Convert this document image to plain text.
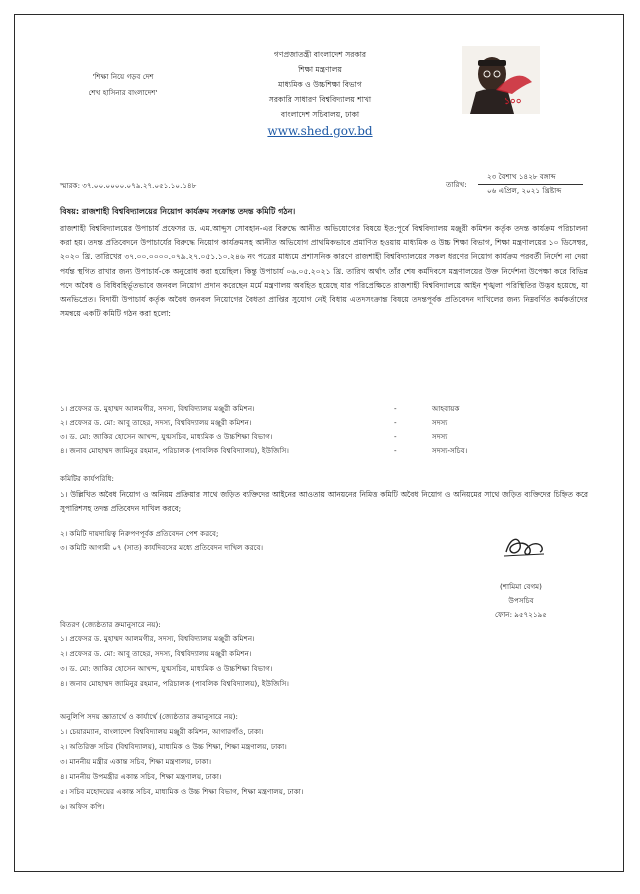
'শিক্ষা নিয়ে গড়ব দেশ
শেখ হাসিনার বাংলাদেশ'
গণপ্রজাতন্ত্রী বাংলাদেশ সরকার
শিক্ষা মন্ত্রণালয়
মাধ্যমিক ও উচ্চশিক্ষা বিভাগ
সরকারি সাধারণ বিশ্ববিদ্যালয় শাখা
বাংলাদেশ সচিবালয়, ঢাকা
www.shed.gov.bd
১০০
২৩ বৈশাখ ১৪২৮ বঙ্গাব্দ
তারিখ:
০৬ এপ্রিল, ২০২১ খ্রিষ্টাব্দ
স্মারক: ৩৭.০০.০০০০.০৭৯.২৭.০৫১.১০.১৪৮
বিষয়: রাজশাহী বিশ্ববিদ্যালয়ের নিয়োগ কার্যক্রম সংক্রান্ত তদন্ত কমিটি গঠন।
রাজশাহী বিশ্ববিদ্যালয়ের উপাচার্য প্রফেসর ড. এম.আব্দুস সোবহান-এর বিরুদ্ধে আনীত অভিযোগের বিষয়ে ইত:পূর্বে বিশ্ববিদ্যালয় মঞ্জুরী কমিশন কর্তৃক তদন্ত কার্যক্রম পরিচালনা করা হয়। তদন্ত প্রতিবেদনে উপাচার্যের বিরুদ্ধে নিয়োগ কার্যক্রমসহ আনীত অভিযোগ প্রাথমিকভাবে প্রমাণিত হওয়ায় মাধ্যমিক ও উচ্চ শিক্ষা বিভাগ, শিক্ষা মন্ত্রণালয়ের ১০ ডিসেম্বর, ২০২০ খ্রি. তারিখের ৩৭.০০.০০০০.০৭৯.২৭.০৫১.১০.২৪৬ নং পত্রের মাধ্যমে প্রশাসনিক কারণে রাজশাহী বিশ্ববিদ্যালয়ের সকল ধরণের নিয়োগ কার্যক্রম পরবর্তী নির্দেশ না দেয়া পর্যন্ত স্থগিত রাখার জন্য উপাচার্য-কে অনুরোধ করা হয়েছিল। কিন্তু উপাচার্য ০৬.০৫.২০২১ খ্রি. তারিখ অর্থাৎ তাঁর শেষ কর্মদিবসে মন্ত্রণালয়ের উক্ত নির্দেশনা উপেক্ষা করে বিভিন্ন পদে অবৈধ ও বিধিবহির্ভূতভাবে জনবল নিয়োগ প্রদান করেছেন মর্মে মন্ত্রণালয় অবহিত হয়েছে যার পরিপ্রেক্ষিতে রাজশাহী বিশ্ববিদ্যালয়ে আইন শৃঙ্খলা পরিস্থিতির উদ্ভব হয়েছে, যা অনভিপ্রেত। বিদায়ী উপাচার্য কর্তৃক অবৈধ জনবল নিয়োগের বৈধতা প্রাপ্তির সুযোগ নেই বিধায় এতদসংক্রান্ত বিষয়ে তদন্তপূর্বক প্রতিবেদন দাখিলের জন্য নিম্নবর্ণিত কর্মকর্তাদের সমন্বয়ে একটি কমিটি গঠন করা হলো:
১। প্রফেসর ড. মুহাম্মদ আলমগীর, সদস্য, বিশ্ববিদ্যালয় মঞ্জুরী কমিশন।	-	আহবায়ক
২। প্রফেসর ড. মো: আবু তাহের, সদস্য, বিশ্ববিদ্যালয় মঞ্জুরী কমিশন।	-	সদস্য
৩। ড. মো: জাকির হোসেন আখন্দ, যুগ্মসচিব, মাধ্যমিক ও উচ্চশিক্ষা বিভাগ।	-	সদস্য
৪। জনাব মোহাম্মদ জামিনুর রহমান, পরিচালক (পাবলিক বিশ্ববিদ্যালয়), ইউজিসি।	-	সদস্য-সচিব।
কমিটির কার্যপরিধি:
১। উল্লিখিত অবৈধ নিয়োগ ও অনিয়ম প্রক্রিয়ার সাথে জড়িত ব্যক্তিদের আইনের আওতায় আনয়নের নিমিত্ত কমিটি অবৈধ নিয়োগ ও অনিয়মের সাথে জড়িত ব্যক্তিদের চিহ্নিত করে সুপারিশসহ তদন্ত প্রতিবেদন দাখিল করবে;
২। কমিটি দায়দায়িত্ব নিরুপণপূর্বক প্রতিবেদন পেশ করবে;
৩। কমিটি আগামী ০৭ (সাত) কার্যদিবসের মধ্যে প্রতিবেদন দাখিল করবে।
(শামিমা বেগম)
উপসচিব
ফোন: ৯৫৭২১৯৫
বিতরণ (জ্যেষ্ঠতার ক্রমানুসারে নয়):
১। প্রফেসর ড. মুহাম্মদ আলমগীর, সদস্য, বিশ্ববিদ্যালয় মঞ্জুরী কমিশন।
২। প্রফেসর ড. মো: আবু তাহের, সদস্য, বিশ্ববিদ্যালয় মঞ্জুরী কমিশন।
৩। ড. মো: জাকির হোসেন আখন্দ, যুগ্মসচিব, মাধ্যমিক ও উচ্চশিক্ষা বিভাগ।
৪। জনাব মোহাম্মদ জামিনুর রহমান, পরিচালক (পাবলিক বিশ্ববিদ্যালয়), ইউজিসি।
অনুলিপি সদয় জ্ঞাতার্থে ও কার্যার্থে (জ্যেষ্ঠতার ক্রমানুসারে নয়):
১। চেয়ারম্যান, বাংলাদেশ বিশ্ববিদ্যালয় মঞ্জুরী কমিশন, আগারগাঁও, ঢাকা।
২। অতিরিক্ত সচিব (বিশ্ববিদ্যালয়), মাধ্যমিক ও উচ্চ শিক্ষা, শিক্ষা মন্ত্রণালয়, ঢাকা।
৩। মাননীয় মন্ত্রীর একান্ত সচিব, শিক্ষা মন্ত্রণালয়, ঢাকা।
৪। মাননীয় উপমন্ত্রীর একান্ত সচিব, শিক্ষা মন্ত্রণালয়, ঢাকা।
৫। সচিব মহোদয়ের একান্ত সচিব, মাধ্যমিক ও উচ্চ শিক্ষা বিভাগ, শিক্ষা মন্ত্রণালয়, ঢাকা।
৬। অফিস কপি।
